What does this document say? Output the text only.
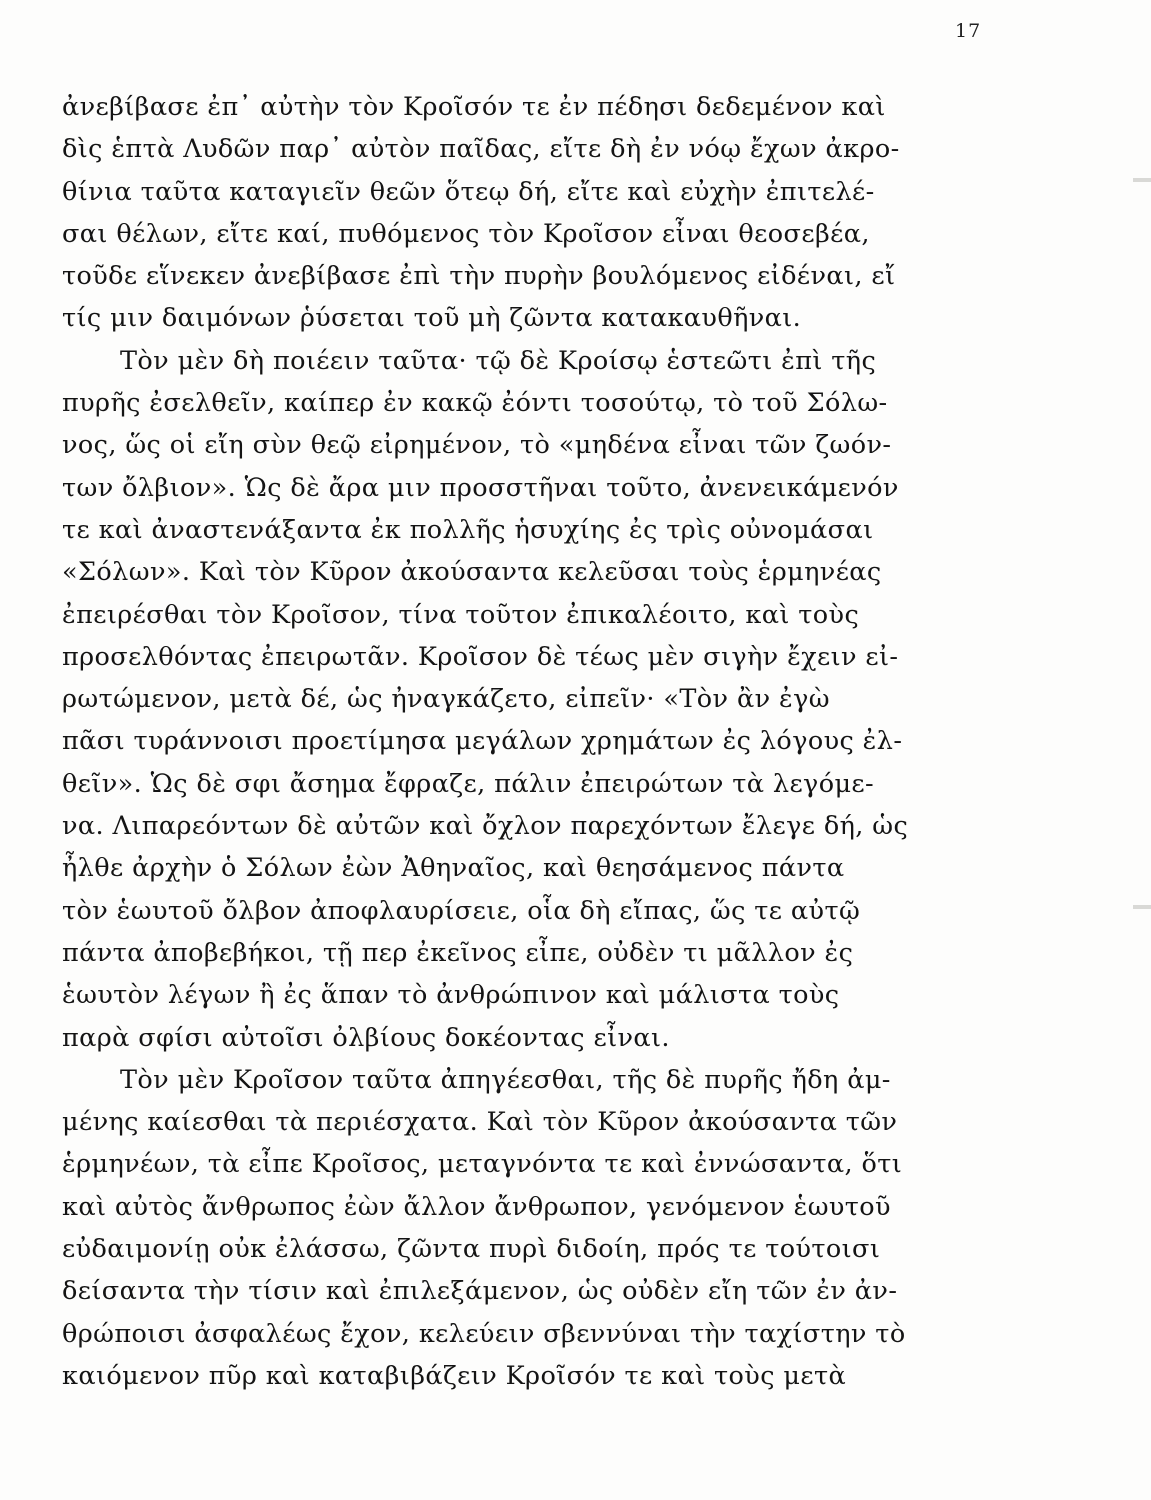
17
ἀνεβίβασε ἐπ᾽ αὐτὴν τὸν Κροῖσόν τε ἐν πέδησι δεδεμένον καὶ
δὶς ἑπτὰ Λυδῶν παρ᾽ αὐτὸν παῖδας, εἴτε δὴ ἐν νόῳ ἔχων ἀκρο-
θίνια ταῦτα καταγιεῖν θεῶν ὅτεῳ δή, εἴτε καὶ εὐχὴν ἐπιτελέ-
σαι θέλων, εἴτε καί, πυθόμενος τὸν Κροῖσον εἶναι θεοσεβέα,
τοῦδε εἵνεκεν ἀνεβίβασε ἐπὶ τὴν πυρὴν βουλόμενος εἰδέναι, εἴ
τίς μιν δαιμόνων ῥύσεται τοῦ μὴ ζῶντα κατακαυθῆναι.
Τὸν μὲν δὴ ποιέειν ταῦτα· τῷ δὲ Κροίσῳ ἑστεῶτι ἐπὶ τῆς
πυρῆς ἐσελθεῖν, καίπερ ἐν κακῷ ἐόντι τοσούτῳ, τὸ τοῦ Σόλω-
νος, ὥς οἱ εἴη σὺν θεῷ εἰρημένον, τὸ «μηδένα εἶναι τῶν ζωόν-
των ὄλβιον». Ὡς δὲ ἄρα μιν προσστῆναι τοῦτο, ἀνενεικάμενόν
τε καὶ ἀναστενάξαντα ἐκ πολλῆς ἡσυχίης ἐς τρὶς οὐνομάσαι
«Σόλων». Καὶ τὸν Κῦρον ἀκούσαντα κελεῦσαι τοὺς ἑρμηνέας
ἐπειρέσθαι τὸν Κροῖσον, τίνα τοῦτον ἐπικαλέοιτο, καὶ τοὺς
προσελθόντας ἐπειρωτᾶν. Κροῖσον δὲ τέως μὲν σιγὴν ἔχειν εἰ-
ρωτώμενον, μετὰ δέ, ὡς ἠναγκάζετο, εἰπεῖν· «Τὸν ἂν ἐγὼ
πᾶσι τυράννοισι προετίμησα μεγάλων χρημάτων ἐς λόγους ἐλ-
θεῖν». Ὡς δὲ σφι ἄσημα ἔφραζε, πάλιν ἐπειρώτων τὰ λεγόμε-
να. Λιπαρεόντων δὲ αὐτῶν καὶ ὄχλον παρεχόντων ἔλεγε δή, ὡς
ἦλθε ἀρχὴν ὁ Σόλων ἐὼν Ἀθηναῖος, καὶ θεησάμενος πάντα
τὸν ἑωυτοῦ ὄλβον ἀποφλαυρίσειε, οἷα δὴ εἴπας, ὥς τε αὐτῷ
πάντα ἀποβεβήκοι, τῇ περ ἐκεῖνος εἶπε, οὐδὲν τι μᾶλλον ἐς
ἑωυτὸν λέγων ἢ ἐς ἅπαν τὸ ἀνθρώπινον καὶ μάλιστα τοὺς
παρὰ σφίσι αὐτοῖσι ὀλβίους δοκέοντας εἶναι.
Τὸν μὲν Κροῖσον ταῦτα ἀπηγέεσθαι, τῆς δὲ πυρῆς ἤδη ἀμ-
μένης καίεσθαι τὰ περιέσχατα. Καὶ τὸν Κῦρον ἀκούσαντα τῶν
ἑρμηνέων, τὰ εἶπε Κροῖσος, μεταγνόντα τε καὶ ἐννώσαντα, ὅτι
καὶ αὐτὸς ἄνθρωπος ἐὼν ἄλλον ἄνθρωπον, γενόμενον ἑωυτοῦ
εὐδαιμονίῃ οὐκ ἐλάσσω, ζῶντα πυρὶ διδοίη, πρός τε τούτοισι
δείσαντα τὴν τίσιν καὶ ἐπιλεξάμενον, ὡς οὐδὲν εἴη τῶν ἐν ἀν-
θρώποισι ἀσφαλέως ἔχον, κελεύειν σβεννύναι τὴν ταχίστην τὸ
καιόμενον πῦρ καὶ καταβιβάζειν Κροῖσόν τε καὶ τοὺς μετὰ
